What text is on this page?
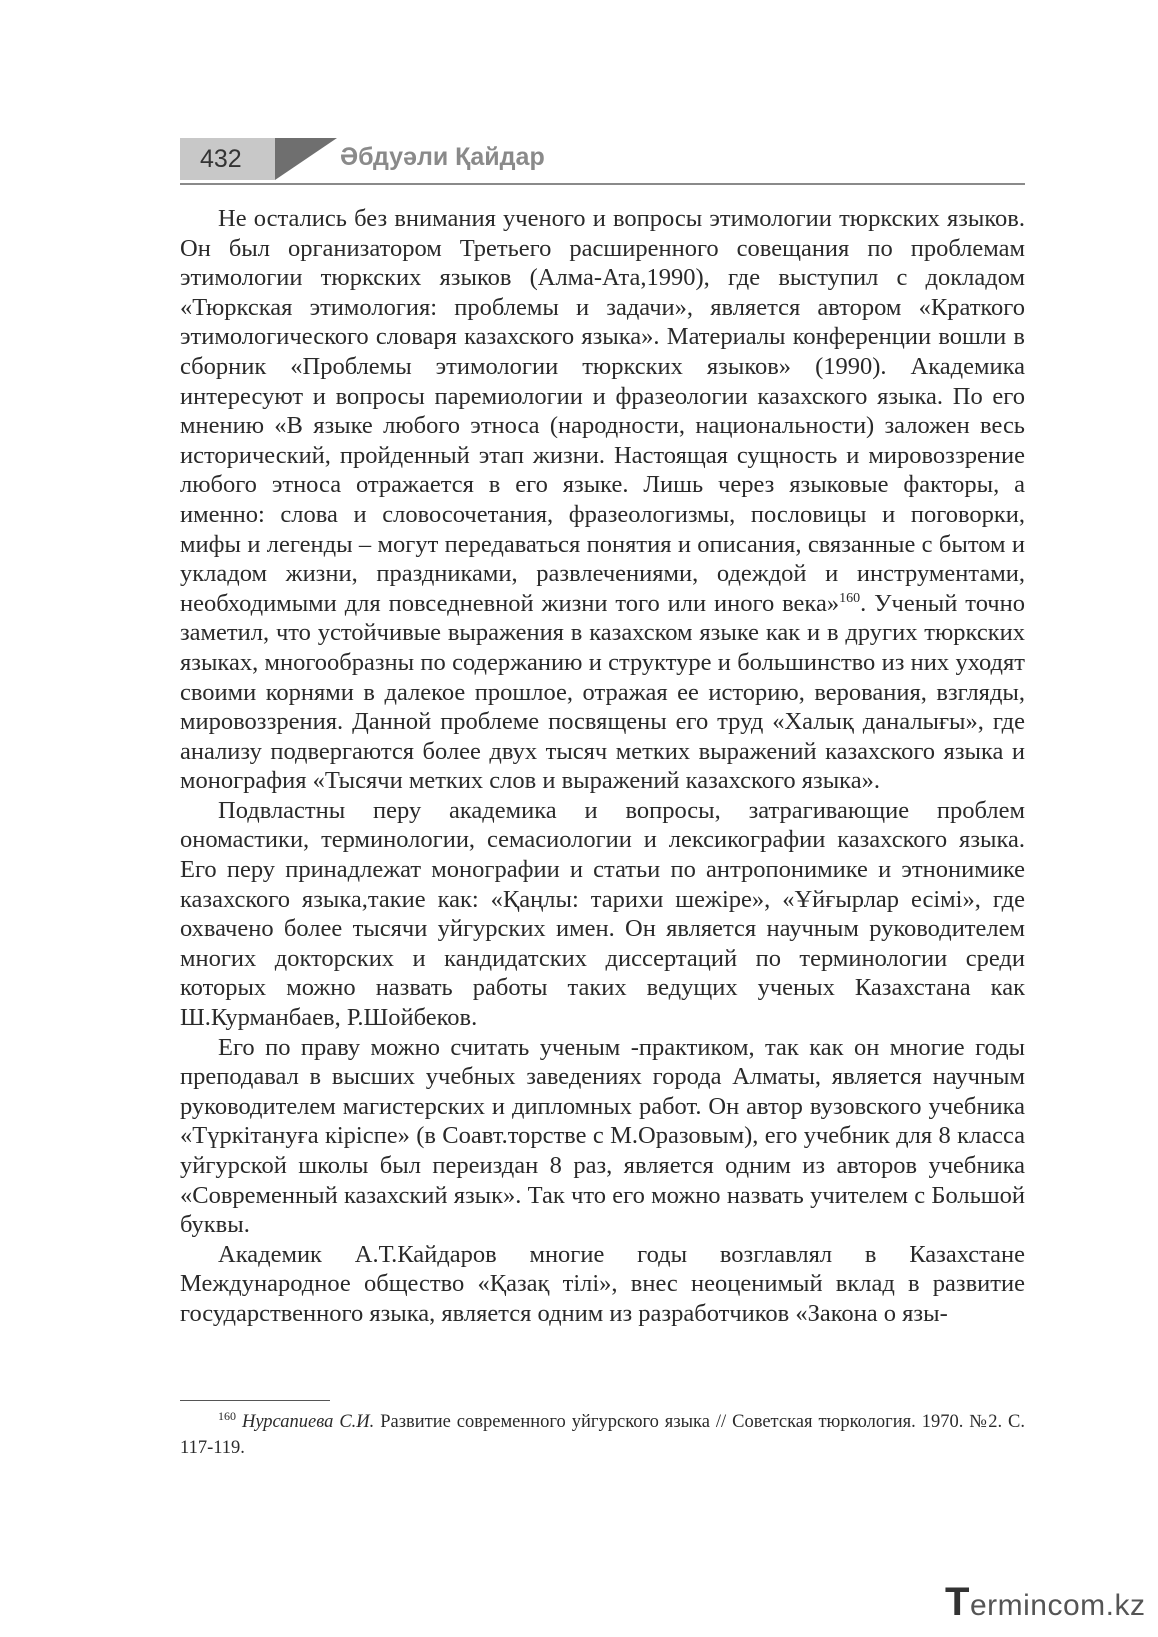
432	Әбдуәли Қайдар

Не остались без внимания ученого и вопросы этимологии тюркских языков. Он был организатором Третьего расширенного совещания по проблемам этимологии тюркских языков (Алма-Ата,1990), где выступил с докладом «Тюркская этимология: проблемы и задачи», является автором «Краткого этимологического словаря казахского языка». Материалы конференции вошли в сборник «Проблемы этимологии тюркских языков» (1990). Академика интересуют и вопросы паремиологии и фразеологии казахского языка. По его мнению «В языке любого этноса (народности, национальности) заложен весь исторический, пройденный этап жизни. Настоящая сущность и мировоззрение любого этноса отражается в его языке. Лишь через языковые факторы, а именно: слова и словосочетания, фразеологизмы, пословицы и поговорки, мифы и легенды – могут передаваться понятия и описания, связанные с бытом и укладом жизни, праздниками, развлечениями, одеждой и инструментами, необходимыми для повседневной жизни того или иного века»$^{160}$. Ученый точно заметил, что устойчивые выражения в казахском языке как и в других тюркских языках, многообразны по содержанию и структуре и большинство из них уходят своими корнями в далекое прошлое, отражая ее историю, верования, взгляды, мировоззрения. Данной проблеме посвящены его труд «Халық даналығы», где анализу подвергаются более двух тысяч метких выражений казахского языка и монография «Тысячи метких слов и выражений казахского языка».

Подвластны перу академика и вопросы, затрагивающие проблем ономастики, терминологии, семасиологии и лексикографии казахского языка. Его перу принадлежат монографии и статьи по антропонимике и этнонимике казахского языка,такие как: «Қаңлы: тарихи шежіре», «Ұйғырлар есімі», где охвачено более тысячи уйгурских имен. Он является научным руководителем многих докторских и кандидатских диссертаций по терминологии среди которых можно назвать работы таких ведущих ученых Казахстана как Ш.Курманбаев, Р.Шойбеков.

Его по праву можно считать ученым -практиком, так как он многие годы преподавал в высших учебных заведениях города Алматы, является научным руководителем магистерских и дипломных работ. Он автор вузовского учебника «Түркітануға кіріспе» (в Соавт.торстве с М.Оразовым), его учебник для 8 класса уйгурской школы был переиздан 8 раз, является одним из авторов учебника «Современный казахский язык». Так что его можно назвать учителем с Большой буквы.

Академик А.Т.Кайдаров многие годы возглавлял в Казахстане Международное общество «Қазақ тілі», внес неоценимый вклад в развитие государственного языка, является одним из разработчиков «Закона о язы-

$^{160}$ Нурсапиева С.И. Развитие современного уйгурского языка // Советская тюркология. 1970. №2. С. 117-119.

Termincom.kz
